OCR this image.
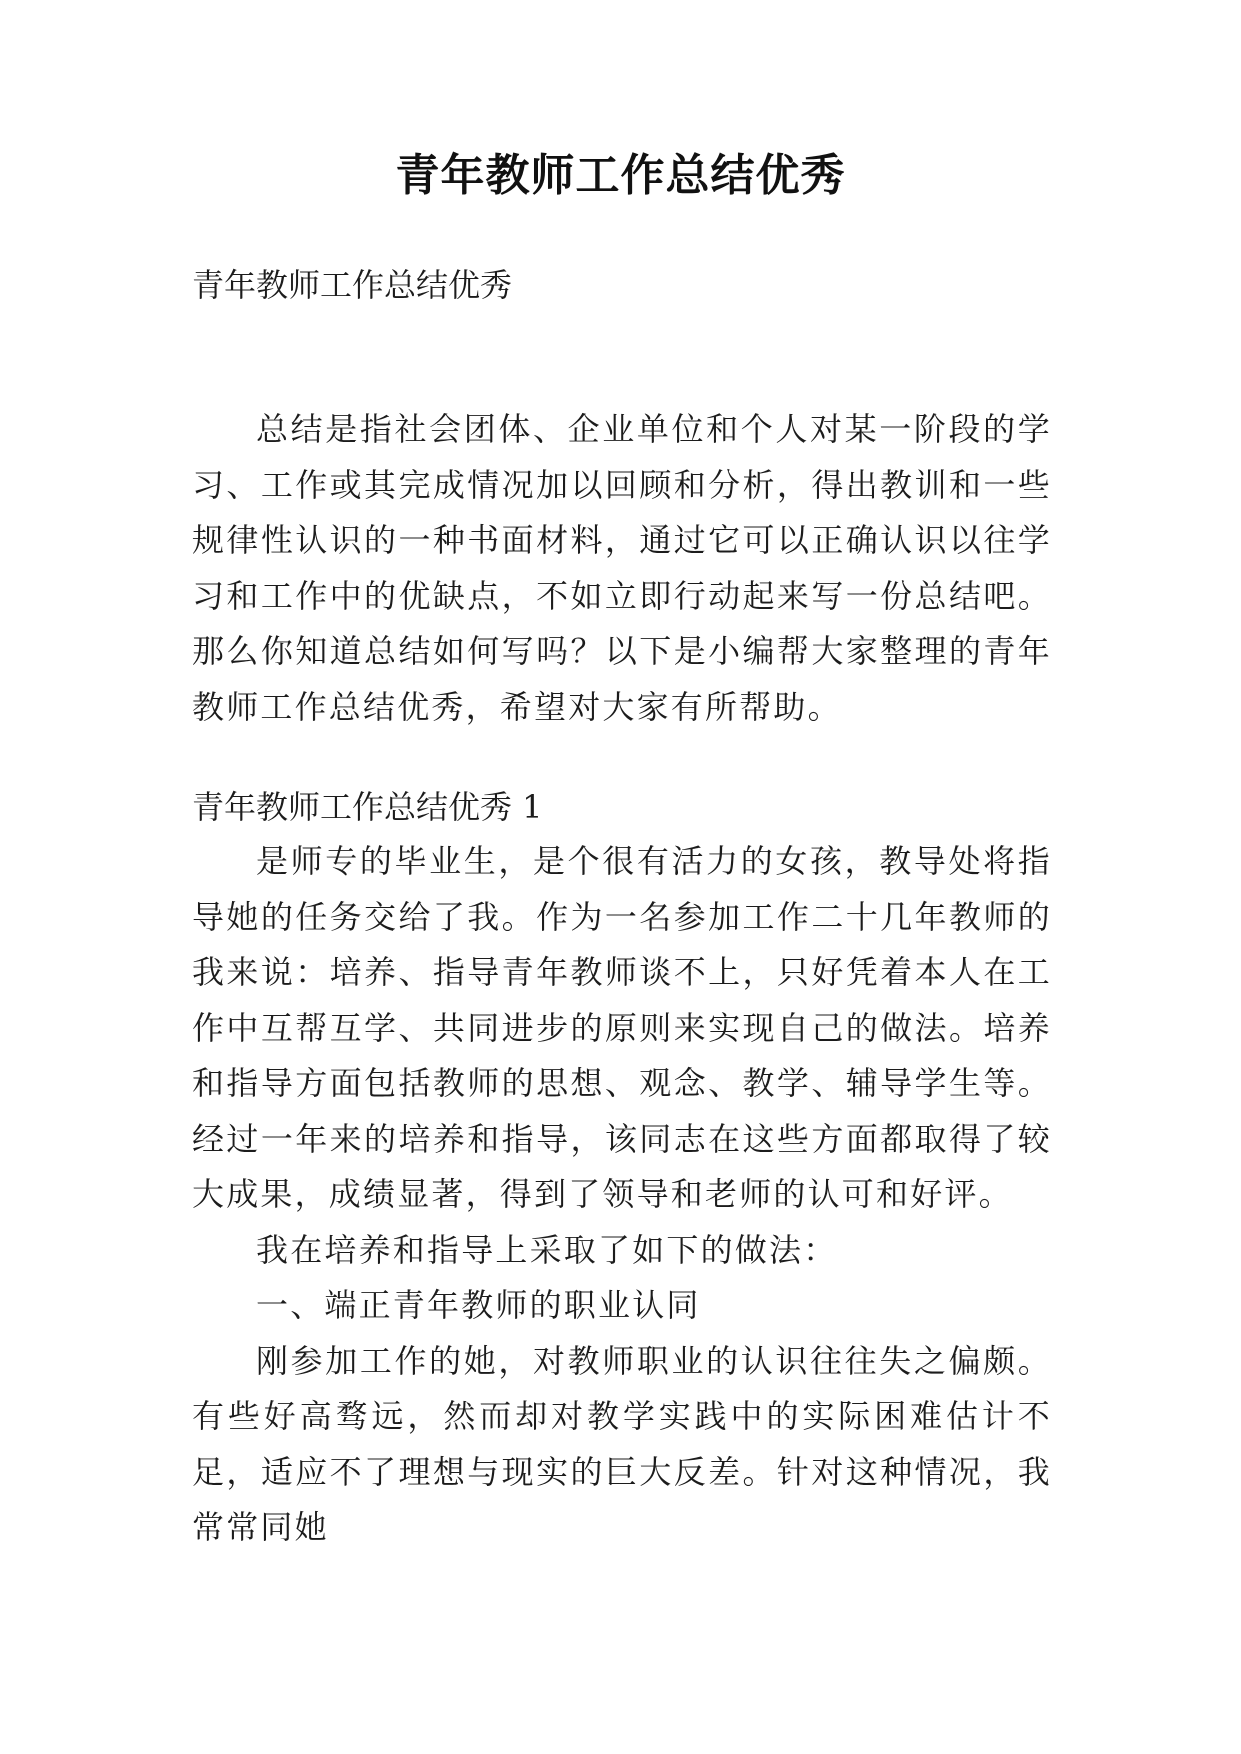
青年教师工作总结优秀
青年教师工作总结优秀

总结是指社会团体、企业单位和个人对某一阶段的学习、工作或其完成情况加以回顾和分析，得出教训和一些规律性认识的一种书面材料，通过它可以正确认识以往学习和工作中的优缺点，不如立即行动起来写一份总结吧。那么你知道总结如何写吗？以下是小编帮大家整理的青年教师工作总结优秀，希望对大家有所帮助。

青年教师工作总结优秀 1

是师专的毕业生，是个很有活力的女孩，教导处将指导她的任务交给了我。作为一名参加工作二十几年教师的我来说：培养、指导青年教师谈不上，只好凭着本人在工作中互帮互学、共同进步的原则来实现自己的做法。培养和指导方面包括教师的思想、观念、教学、辅导学生等。经过一年来的培养和指导，该同志在这些方面都取得了较大成果，成绩显著，得到了领导和老师的认可和好评。

我在培养和指导上采取了如下的做法：

一、端正青年教师的职业认同

刚参加工作的她，对教师职业的认识往往失之偏颇。有些好高骛远，然而却对教学实践中的实际困难估计不足，适应不了理想与现实的巨大反差。针对这种情况，我常常同她
